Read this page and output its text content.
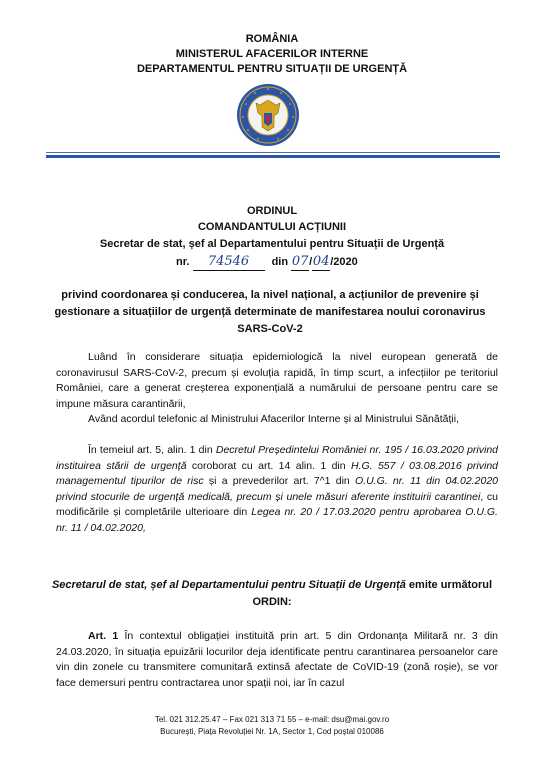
ROMÂNIA
MINISTERUL AFACERILOR INTERNE
DEPARTAMENTUL PENTRU SITUAȚII DE URGENȚĂ
ORDINUL
COMANDANTULUI ACȚIUNII
Secretar de stat, șef al Departamentului pentru Situații de Urgență
nr. 74546 din 07/04/2020
privind coordonarea și conducerea, la nivel național, a acțiunilor de prevenire și
gestionare a situațiilor de urgență determinate de manifestarea noului coronavirus
SARS-CoV-2
Luând în considerare situația epidemiologică la nivel european generată de coronavirusul SARS-CoV-2, precum și evoluția rapidă, în timp scurt, a infecțiilor pe teritoriul României, care a generat creșterea exponențială a numărului de persoane pentru care se impune măsura carantinării,
Având acordul telefonic al Ministrului Afacerilor Interne și al Ministrului Sănătății,
În temeiul art. 5, alin. 1 din Decretul Președintelui României nr. 195 / 16.03.2020 privind instituirea stării de urgență coroborat cu art. 14 alin. 1 din H.G. 557 / 03.08.2016 privind managementul tipurilor de risc și a prevederilor art. 7^1 din O.U.G. nr. 11 din 04.02.2020 privind stocurile de urgență medicală, precum și unele măsuri aferente instituirii carantinei, cu modificările și completările ulterioare din Legea nr. 20 / 17.03.2020 pentru aprobarea O.U.G. nr. 11 / 04.02.2020,
Secretarul de stat, șef al Departamentului pentru Situații de Urgență emite următorul
ORDIN:
Art. 1 În contextul obligației instituită prin art. 5 din Ordonanța Militară nr. 3 din 24.03.2020, în situația epuizării locurilor deja identificate pentru carantinarea persoanelor care vin din zonele cu transmitere comunitară extinsă afectate de CoVID-19 (zonă roșie), se vor face demersuri pentru contractarea unor spații noi, iar în cazul
Tel. 021 312.25.47 – Fax 021 313 71 55 – e-mail: dsu@mai.gov.ro
București, Piața Revoluției Nr. 1A, Sector 1, Cod poștal 010086
